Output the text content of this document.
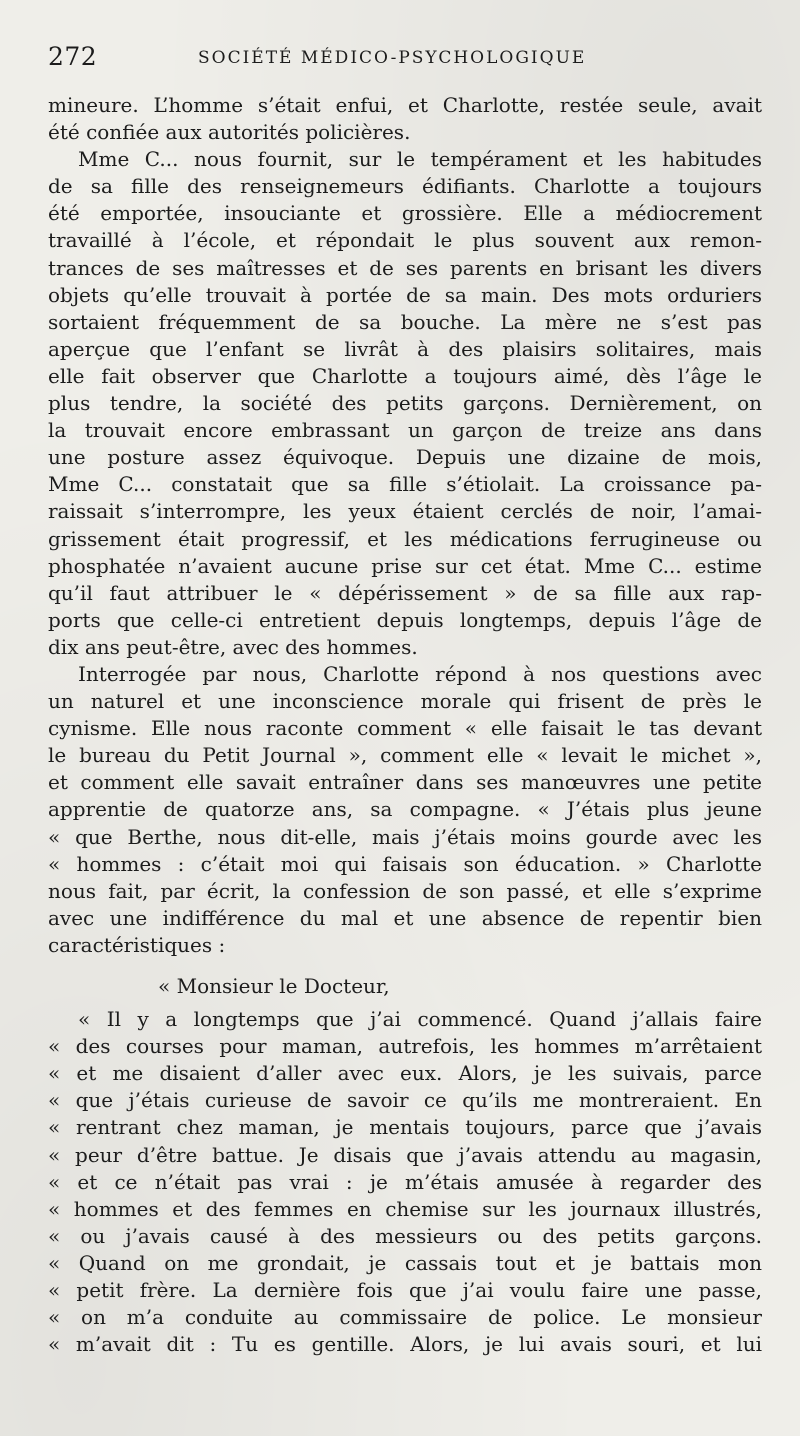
272	SOCIÉTÉ MÉDICO-PSYCHOLOGIQUE
mineure. L’homme s’était enfui, et Charlotte, restée seule, avait
été confiée aux autorités policières.
Mme C... nous fournit, sur le tempérament et les habitudes
de sa fille des renseignemeurs édifiants. Charlotte a toujours
été emportée, insouciante et grossière. Elle a médiocrement
travaillé à l’école, et répondait le plus souvent aux remon-
trances de ses maîtresses et de ses parents en brisant les divers
objets qu’elle trouvait à portée de sa main. Des mots orduriers
sortaient fréquemment de sa bouche. La mère ne s’est pas
aperçue que l’enfant se livrât à des plaisirs solitaires, mais
elle fait observer que Charlotte a toujours aimé, dès l’âge le
plus tendre, la société des petits garçons. Dernièrement, on
la trouvait encore embrassant un garçon de treize ans dans
une posture assez équivoque. Depuis une dizaine de mois,
Mme C... constatait que sa fille s’étiolait. La croissance pa-
raissait s’interrompre, les yeux étaient cerclés de noir, l’amai-
grissement était progressif, et les médications ferrugineuse ou
phosphatée n’avaient aucune prise sur cet état. Mme C... estime
qu’il faut attribuer le « dépérissement » de sa fille aux rap-
ports que celle-ci entretient depuis longtemps, depuis l’âge de
dix ans peut-être, avec des hommes.
Interrogée par nous, Charlotte répond à nos questions avec
un naturel et une inconscience morale qui frisent de près le
cynisme. Elle nous raconte comment « elle faisait le tas devant
le bureau du Petit Journal », comment elle « levait le michet »,
et comment elle savait entraîner dans ses manœuvres une petite
apprentie de quatorze ans, sa compagne. « J’étais plus jeune
« que Berthe, nous dit-elle, mais j’étais moins gourde avec les
« hommes : c’était moi qui faisais son éducation. » Charlotte
nous fait, par écrit, la confession de son passé, et elle s’exprime
avec une indifférence du mal et une absence de repentir bien
caractéristiques :
« Monsieur le Docteur,
« Il y a longtemps que j’ai commencé. Quand j’allais faire
« des courses pour maman, autrefois, les hommes m’arrêtaient
« et me disaient d’aller avec eux. Alors, je les suivais, parce
« que j’étais curieuse de savoir ce qu’ils me montreraient. En
« rentrant chez maman, je mentais toujours, parce que j’avais
« peur d’être battue. Je disais que j’avais attendu au magasin,
« et ce n’était pas vrai : je m’étais amusée à regarder des
« hommes et des femmes en chemise sur les journaux illustrés,
« ou j’avais causé à des messieurs ou des petits garçons.
« Quand on me grondait, je cassais tout et je battais mon
« petit frère. La dernière fois que j’ai voulu faire une passe,
« on m’a conduite au commissaire de police. Le monsieur
« m’avait dit : Tu es gentille. Alors, je lui avais souri, et lui
